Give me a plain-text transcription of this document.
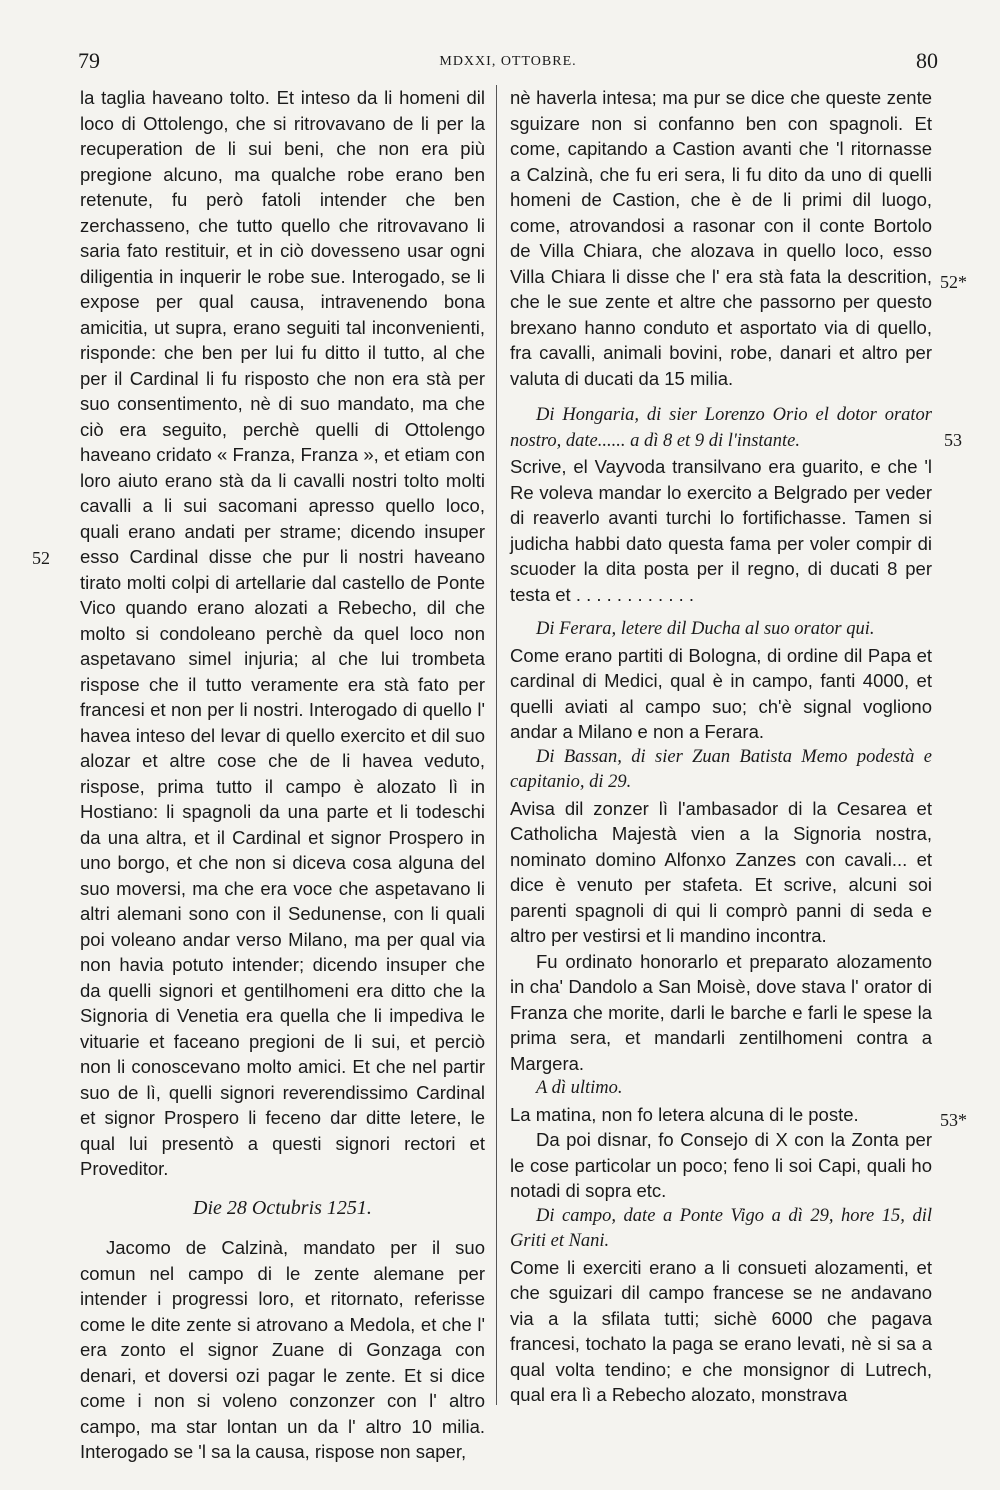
79	MDXXI, OTTOBRE.	80
52
52*
53
53*

la taglia haveano tolto. Et inteso da li homeni dil loco di Ottolengo, che si ritrovavano de li per la recuperation de li sui beni, che non era più pregione alcuno, ma qualche robe erano ben retenute, fu però fatoli intender che ben zerchasseno, che tutto quello che ritrovavano li saria fato restituir, et in ciò dovesseno usar ogni diligentia in inquerir le robe sue. Interogado, se li expose per qual causa, intravenendo bona amicitia, ut supra, erano seguiti tal inconvenienti, risponde: che ben per lui fu ditto il tutto, al che per il Cardinal li fu risposto che non era stà per suo consentimento, nè di suo mandato, ma che ciò era seguito, perchè quelli di Ottolengo haveano cridato « Franza, Franza », et etiam con loro aiuto erano stà da li cavalli nostri tolto molti cavalli a li sui sacomani apresso quello loco, quali erano andati per strame; dicendo insuper esso Cardinal disse che pur li nostri haveano tirato molti colpi di artellarie dal castello de Ponte Vico quando erano alozati a Rebecho, dil che molto si condoleano perchè da quel loco non aspetavano simel injuria; al che lui trombeta rispose che il tutto veramente era stà fato per francesi et non per li nostri. Interogado di quello l' havea inteso del levar di quello exercito et dil suo alozar et altre cose che de li havea veduto, rispose, prima tutto il campo è alozato lì in Hostiano: li spagnoli da una parte et li todeschi da una altra, et il Cardinal et signor Prospero in uno borgo, et che non si diceva cosa alguna del suo moversi, ma che era voce che aspetavano li altri alemani sono con il Sedunense, con li quali poi voleano andar verso Milano, ma per qual via non havia potuto intender; dicendo insuper che da quelli signori et gentilhomeni era ditto che la Signoria di Venetia era quella che li impediva le vituarie et faceano pregioni de li sui, et perciò non li conoscevano molto amici. Et che nel partir suo de lì, quelli signori reverendissimo Cardinal et signor Prospero li feceno dar ditte letere, le qual lui presentò a questi signori rectori et Proveditor.

Die 28 Octubris 1251.

Jacomo de Calzinà, mandato per il suo comun nel campo di le zente alemane per intender i progressi loro, et ritornato, referisse come le dite zente si atrovano a Medola, et che l' era zonto el signor Zuane di Gonzaga con denari, et doversi ozi pagar le zente. Et si dice come i non si voleno conzonzer con l' altro campo, ma star lontan un da l' altro 10 milia. Interogado se 'l sa la causa, rispose non saper,

nè haverla intesa; ma pur se dice che queste zente sguizare non si confanno ben con spagnoli. Et come, capitando a Castion avanti che 'l ritornasse a Calzinà, che fu eri sera, li fu dito da uno di quelli homeni de Castion, che è de li primi dil luogo, come, atrovandosi a rasonar con il conte Bortolo de Villa Chiara, che alozava in quello loco, esso Villa Chiara li disse che l' era stà fata la descrition, che le sue zente et altre che passorno per questo brexano hanno conduto et asportato via di quello, fra cavalli, animali bovini, robe, danari et altro per valuta di ducati da 15 milia.

Di Hongaria, di sier Lorenzo Orio el dotor orator nostro, date...... a dì 8 et 9 di l'instante.

Scrive, el Vayvoda transilvano era guarito, e che 'l Re voleva mandar lo exercito a Belgrado per veder di reaverlo avanti turchi lo fortifichasse. Tamen si judicha habbi dato questa fama per voler compir di scuoder la dita posta per il regno, di ducati 8 per testa et . . . . . . . . . . . .

Di Ferara, letere dil Ducha al suo orator qui.

Come erano partiti di Bologna, di ordine dil Papa et cardinal di Medici, qual è in campo, fanti 4000, et quelli aviati al campo suo; ch'è signal vogliono andar a Milano e non a Ferara.

Di Bassan, di sier Zuan Batista Memo podestà e capitanio, di 29.

Avisa dil zonzer lì l'ambasador di la Cesarea et Catholicha Majestà vien a la Signoria nostra, nominato domino Alfonxo Zanzes con cavali... et dice è venuto per stafeta. Et scrive, alcuni soi parenti spagnoli di qui li comprò panni di seda e altro per vestirsi et li mandino incontra.

Fu ordinato honorarlo et preparato alozamento in cha' Dandolo a San Moisè, dove stava l' orator di Franza che morite, darli le barche e farli le spese la prima sera, et mandarli zentilhomeni contra a Margera.

A dì ultimo.

La matina, non fo letera alcuna di le poste.

Da poi disnar, fo Consejo di X con la Zonta per le cose particolar un poco; feno li soi Capi, quali ho notadi di sopra etc.

Di campo, date a Ponte Vigo a dì 29, hore 15, dil Griti et Nani.

Come li exerciti erano a li consueti alozamenti, et che sguizari dil campo francese se ne andavano via a la sfilata tutti; sichè 6000 che pagava francesi, tochato la paga se erano levati, nè si sa a qual volta tendino; e che monsignor di Lutrech, qual era lì a Rebecho alozato, monstrava
